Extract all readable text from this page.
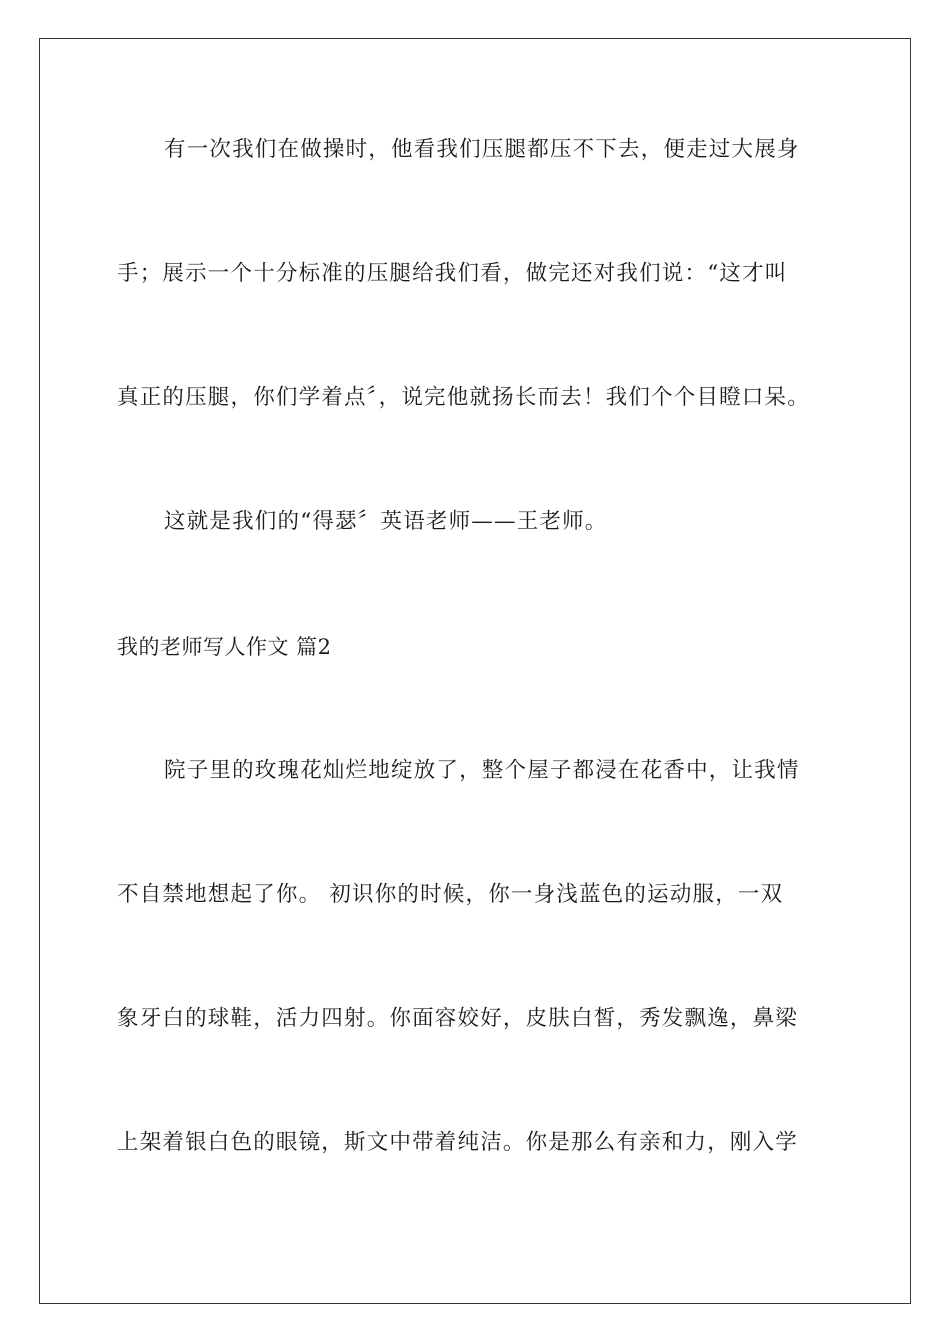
有一次我们在做操时，他看我们压腿都压不下去，便走过大展身
手；展示一个十分标准的压腿给我们看，做完还对我们说：“这才叫
真正的压腿，你们学着点〞，说完他就扬长而去！我们个个目瞪口呆。
这就是我们的“得瑟〞英语老师——王老师。
我的老师写人作文 篇2
院子里的玫瑰花灿烂地绽放了，整个屋子都浸在花香中，让我情
不自禁地想起了你。 初识你的时候，你一身浅蓝色的运动服，一双
象牙白的球鞋，活力四射。你面容姣好，皮肤白皙，秀发飘逸，鼻梁
上架着银白色的眼镜，斯文中带着纯洁。你是那么有亲和力，刚入学
